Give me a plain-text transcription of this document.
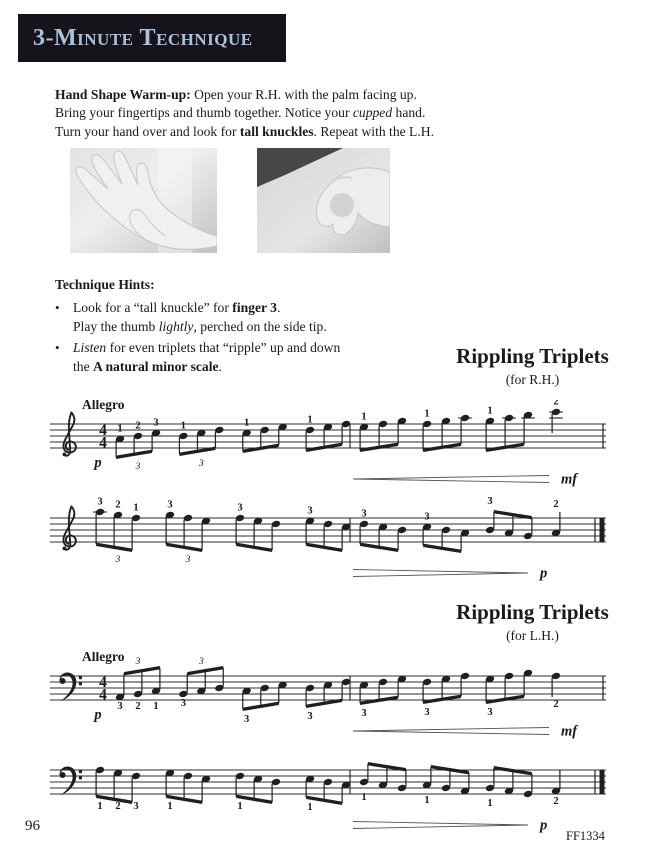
3-Minute Technique
Hand Shape Warm-up: Open your R.H. with the palm facing up.
Bring your fingertips and thumb together. Notice your cupped hand.
Turn your hand over and look for tall knuckles. Repeat with the L.H.
Technique Hints:
• Look for a “tall knuckle” for finger 3.
Play the thumb lightly, perched on the side tip.
• Listen for even triplets that “ripple” up and down
the A natural minor scale.	Rippling Triplets
(for R.H.)
4
4
Allegro
p
1 2 3
3
1
3
1	1	1	1	1
2
mf
3 2 1
3
3
3
3	3	3	3
3	2
p
Rippling Triplets
(for L.H.)
4
4
Allegro
p
3 2 1
3
3
3
3	3	3	3	3
2
mf
1 2 3	1	1	1
1	1	1	2
p
96
FF1334
